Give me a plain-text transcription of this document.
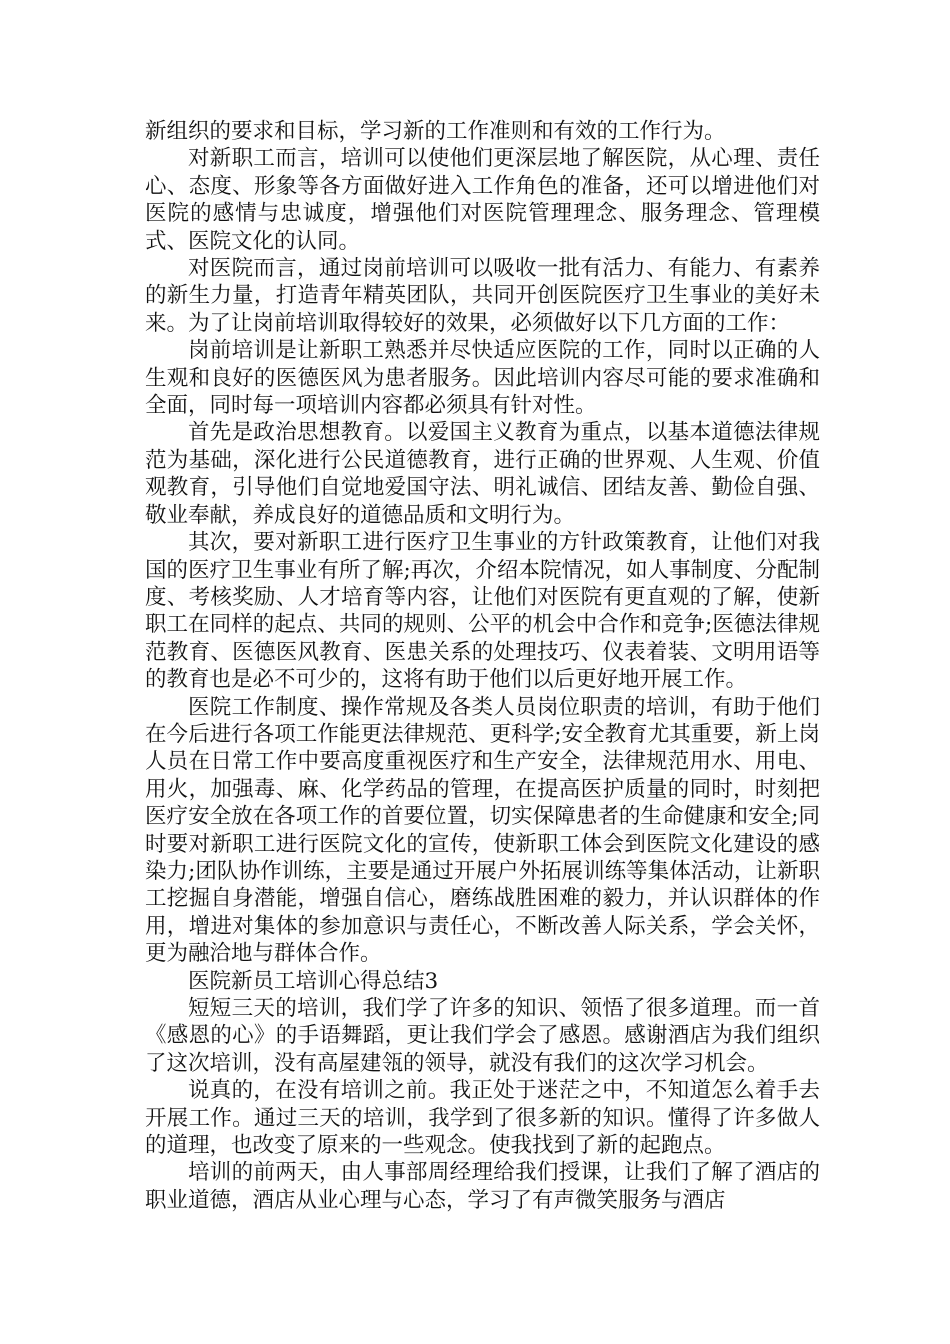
新组织的要求和目标，学习新的工作准则和有效的工作行为。

对新职工而言，培训可以使他们更深层地了解医院，从心理、责任心、态度、形象等各方面做好进入工作角色的准备，还可以增进他们对医院的感情与忠诚度，增强他们对医院管理理念、服务理念、管理模式、医院文化的认同。

对医院而言，通过岗前培训可以吸收一批有活力、有能力、有素养的新生力量，打造青年精英团队，共同开创医院医疗卫生事业的美好未来。为了让岗前培训取得较好的效果，必须做好以下几方面的工作：

岗前培训是让新职工熟悉并尽快适应医院的工作，同时以正确的人生观和良好的医德医风为患者服务。因此培训内容尽可能的要求准确和全面，同时每一项培训内容都必须具有针对性。

首先是政治思想教育。以爱国主义教育为重点，以基本道德法律规范为基础，深化进行公民道德教育，进行正确的世界观、人生观、价值观教育，引导他们自觉地爱国守法、明礼诚信、团结友善、勤俭自强、敬业奉献，养成良好的道德品质和文明行为。

其次，要对新职工进行医疗卫生事业的方针政策教育，让他们对我国的医疗卫生事业有所了解;再次，介绍本院情况，如人事制度、分配制度、考核奖励、人才培育等内容，让他们对医院有更直观的了解，使新职工在同样的起点、共同的规则、公平的机会中合作和竞争;医德法律规范教育、医德医风教育、医患关系的处理技巧、仪表着装、文明用语等的教育也是必不可少的，这将有助于他们以后更好地开展工作。

医院工作制度、操作常规及各类人员岗位职责的培训，有助于他们在今后进行各项工作能更法律规范、更科学;安全教育尤其重要，新上岗人员在日常工作中要高度重视医疗和生产安全，法律规范用水、用电、用火，加强毒、麻、化学药品的管理，在提高医护质量的同时，时刻把医疗安全放在各项工作的首要位置，切实保障患者的生命健康和安全;同时要对新职工进行医院文化的宣传，使新职工体会到医院文化建设的感染力;团队协作训练，主要是通过开展户外拓展训练等集体活动，让新职工挖掘自身潜能，增强自信心，磨练战胜困难的毅力，并认识群体的作用，增进对集体的参加意识与责任心，不断改善人际关系，学会关怀，更为融洽地与群体合作。

医院新员工培训心得总结3

短短三天的培训，我们学了许多的知识、领悟了很多道理。而一首《感恩的心》的手语舞蹈，更让我们学会了感恩。感谢酒店为我们组织了这次培训，没有高屋建瓴的领导，就没有我们的这次学习机会。

说真的，在没有培训之前。我正处于迷茫之中，不知道怎么着手去开展工作。通过三天的培训，我学到了很多新的知识。懂得了许多做人的道理，也改变了原来的一些观念。使我找到了新的起跑点。

培训的前两天，由人事部周经理给我们授课，让我们了解了酒店的职业道德，酒店从业心理与心态，学习了有声微笑服务与酒店
